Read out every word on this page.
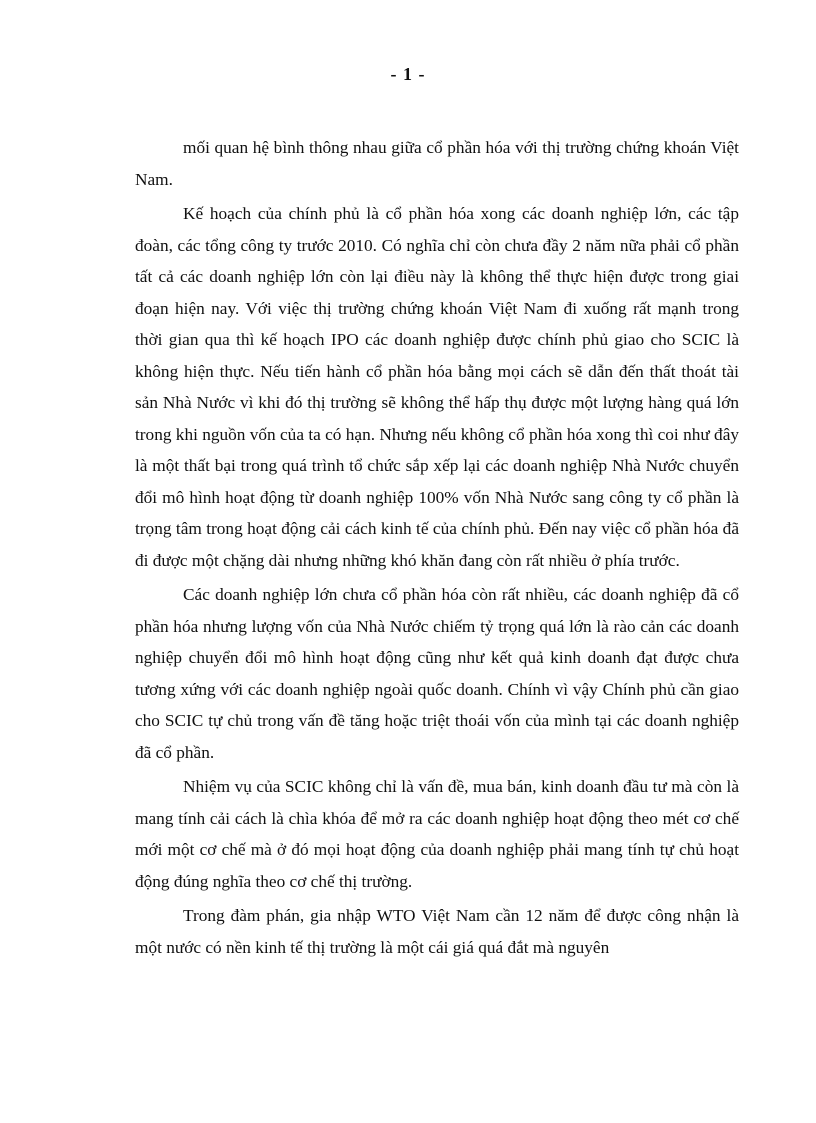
- 1 -

mối quan hệ bình thông nhau giữa cổ phần hóa với thị trường chứng khoán Việt Nam.

Kế hoạch của chính phủ là cổ phần hóa xong các doanh nghiệp lớn, các tập đoàn, các tổng công ty trước 2010. Có nghĩa chỉ còn chưa đầy 2 năm nữa phải cổ phần tất cả các doanh nghiệp lớn còn lại điều này là không thể thực hiện được trong giai đoạn hiện nay. Với việc thị trường chứng khoán Việt Nam đi xuống rất mạnh trong thời gian qua thì kế hoạch IPO các doanh nghiệp được chính phủ giao cho SCIC là không hiện thực. Nếu tiến hành cổ phần hóa bằng mọi cách sẽ dẫn đến thất thoát tài sản Nhà Nước vì khi đó thị trường sẽ không thể hấp thụ được một lượng hàng quá lớn trong khi nguồn vốn của ta có hạn. Nhưng nếu không cổ phần hóa xong thì coi như đây là một thất bại trong quá trình tổ chức sắp xếp lại các doanh nghiệp Nhà Nước chuyển đổi mô hình hoạt động từ doanh nghiệp 100% vốn Nhà Nước sang công ty cổ phần là trọng tâm trong hoạt động cải cách kinh tế của chính phủ. Đến nay việc cổ phần hóa đã đi được một chặng dài nhưng những khó khăn đang còn rất nhiều ở phía trước.

Các doanh nghiệp lớn chưa cổ phần hóa còn rất nhiều, các doanh nghiệp đã cổ phần hóa nhưng lượng vốn của Nhà Nước chiếm tỷ trọng quá lớn là rào cản các doanh nghiệp chuyển đổi mô hình hoạt động cũng như kết quả kinh doanh đạt được chưa tương xứng với các doanh nghiệp ngoài quốc doanh. Chính vì vậy Chính phủ cần giao cho SCIC tự chủ trong vấn đề tăng hoặc triệt thoái vốn của mình tại các doanh nghiệp đã cổ phần.

Nhiệm vụ của SCIC không chỉ là vấn đề, mua bán, kinh doanh đầu tư mà còn là mang tính cải cách là chìa khóa để mở ra các doanh nghiệp hoạt động theo mét cơ chế mới một cơ chế mà ở đó mọi hoạt động của doanh nghiệp phải mang tính tự chủ hoạt động đúng nghĩa theo cơ chế thị trường.

Trong đàm phán, gia nhập WTO Việt Nam cần 12 năm để được công nhận là một nước có nền kinh tế thị trường là một cái giá quá đắt mà nguyên
